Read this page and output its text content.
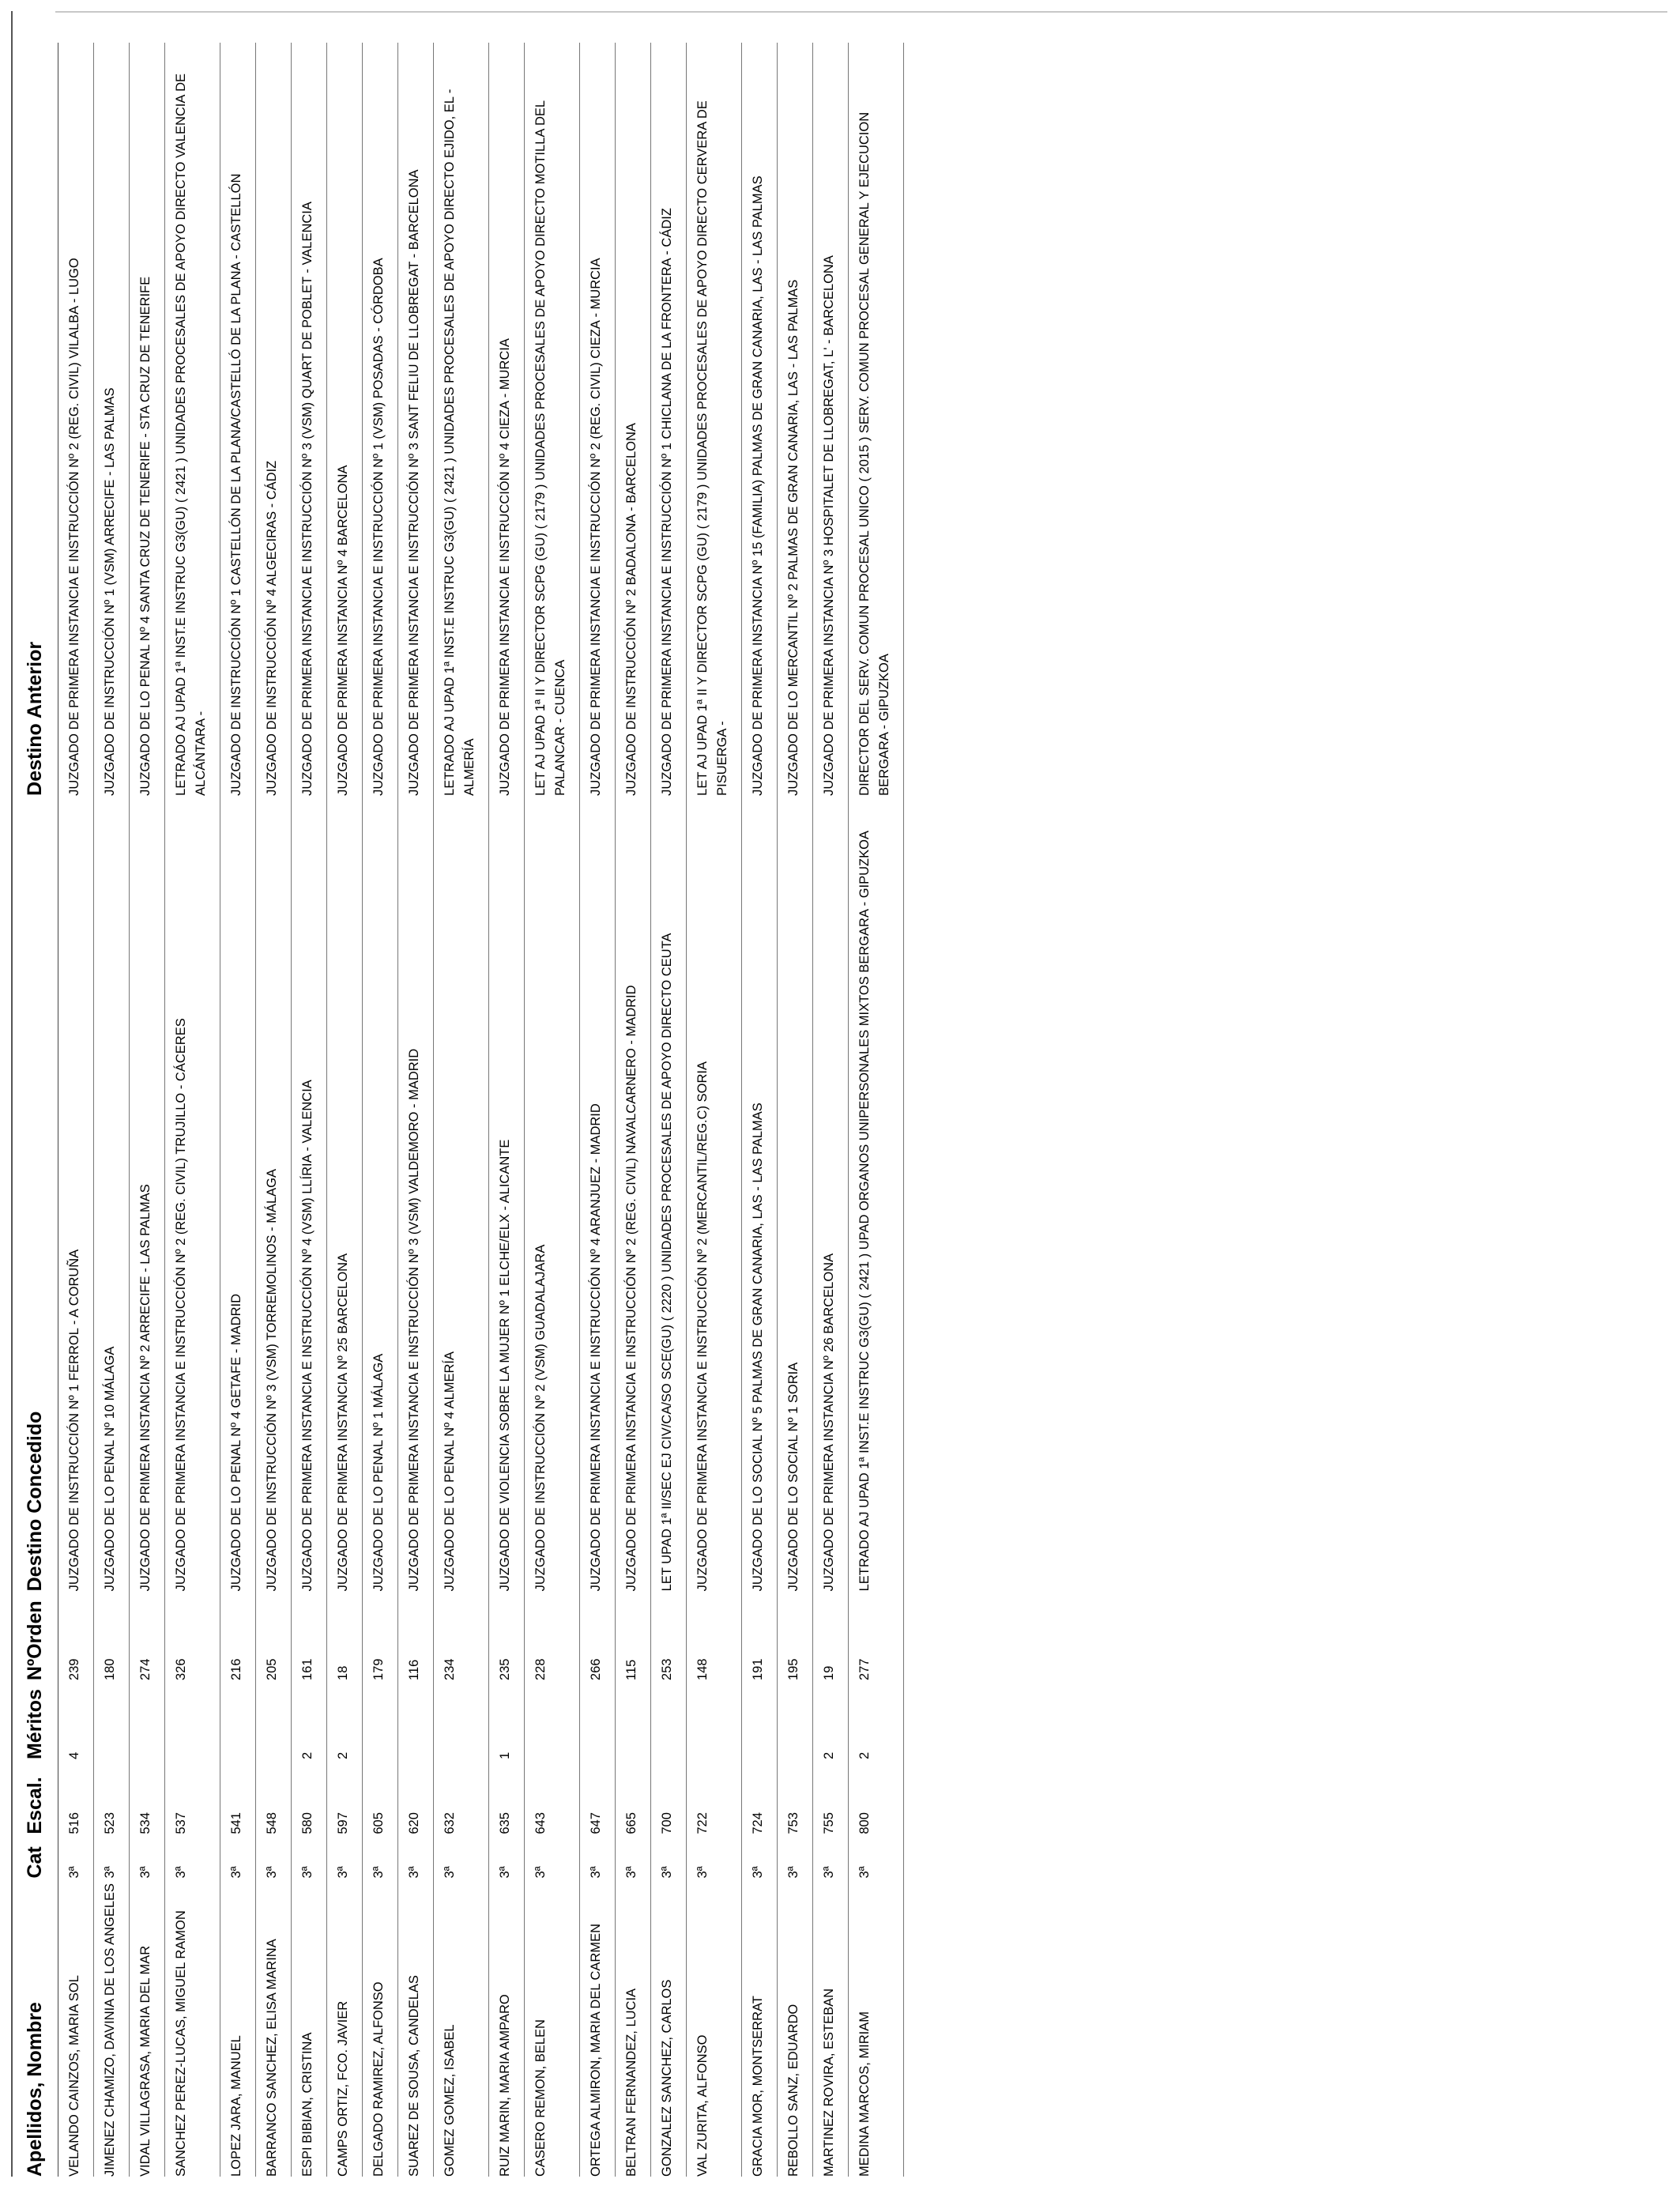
Apellidos, Nombre	Cat	Escal.	Méritos	NºOrden	Destino Concedido	Destino Anterior
VELANDO CAINZOS, MARIA SOL	3ª	516	4	239	JUZGADO DE INSTRUCCIÓN Nº 1 FERROL - A CORUÑA	JUZGADO DE PRIMERA INSTANCIA E INSTRUCCIÓN Nº 2 (REG. CIVIL) VILALBA - LUGO
JIMENEZ CHAMIZO, DAVINIA DE LOS ANGELES	3ª	523		180	JUZGADO DE LO PENAL Nº 10 MÁLAGA	JUZGADO DE INSTRUCCIÓN Nº 1 (VSM) ARRECIFE - LAS PALMAS
VIDAL VILLAGRASA, MARIA DEL MAR	3ª	534		274	JUZGADO DE PRIMERA INSTANCIA Nº 2 ARRECIFE - LAS PALMAS	JUZGADO DE LO PENAL Nº 4 SANTA CRUZ DE TENERIFE - STA CRUZ DE TENERIFE
SANCHEZ PEREZ-LUCAS, MIGUEL RAMON	3ª	537		326	JUZGADO DE PRIMERA INSTANCIA E INSTRUCCIÓN Nº 2 (REG. CIVIL) TRUJILLO - CÁCERES	LETRADO AJ UPAD 1ª INST.E INSTRUC G3(GU) ( 2421 ) UNIDADES PROCESALES DE APOYO DIRECTO VALENCIA DE ALCÁNTARA -
LOPEZ JARA, MANUEL	3ª	541		216	JUZGADO DE LO PENAL Nº 4 GETAFE - MADRID	JUZGADO DE INSTRUCCIÓN Nº 1 CASTELLÓN DE LA PLANA/CASTELLÓ DE LA PLANA - CASTELLÓN
BARRANCO SANCHEZ, ELISA MARINA	3ª	548		205	JUZGADO DE INSTRUCCIÓN Nº 3 (VSM) TORREMOLINOS - MÁLAGA	JUZGADO DE INSTRUCCIÓN Nº 4 ALGECIRAS - CÁDIZ
ESPI BIBIAN, CRISTINA	3ª	580	2	161	JUZGADO DE PRIMERA INSTANCIA E INSTRUCCIÓN Nº 4 (VSM) LLÍRIA - VALENCIA	JUZGADO DE PRIMERA INSTANCIA E INSTRUCCIÓN Nº 3 (VSM) QUART DE POBLET - VALENCIA
CAMPS ORTIZ, FCO. JAVIER	3ª	597	2	18	JUZGADO DE PRIMERA INSTANCIA Nº 25 BARCELONA	JUZGADO DE PRIMERA INSTANCIA Nº 4 BARCELONA
DELGADO RAMIREZ, ALFONSO	3ª	605		179	JUZGADO DE LO PENAL Nº 1 MÁLAGA	JUZGADO DE PRIMERA INSTANCIA E INSTRUCCIÓN Nº 1 (VSM) POSADAS - CÓRDOBA
SUAREZ DE SOUSA, CANDELAS	3ª	620		116	JUZGADO DE PRIMERA INSTANCIA E INSTRUCCIÓN Nº 3 (VSM) VALDEMORO - MADRID	JUZGADO DE PRIMERA INSTANCIA E INSTRUCCIÓN Nº 3 SANT FELIU DE LLOBREGAT - BARCELONA
GOMEZ GOMEZ, ISABEL	3ª	632		234	JUZGADO DE LO PENAL Nº 4 ALMERÍA	LETRADO AJ UPAD 1ª INST.E INSTRUC G3(GU) ( 2421 ) UNIDADES PROCESALES DE APOYO DIRECTO EJIDO, EL - ALMERÍA
RUIZ MARIN, MARIA AMPARO	3ª	635	1	235	JUZGADO DE VIOLENCIA SOBRE LA MUJER Nº 1 ELCHE/ELX - ALICANTE	JUZGADO DE PRIMERA INSTANCIA E INSTRUCCIÓN Nº 4 CIEZA - MURCIA
CASERO REMON, BELEN	3ª	643		228	JUZGADO DE INSTRUCCIÓN Nº 2 (VSM) GUADALAJARA	LET AJ UPAD 1ª II Y DIRECTOR SCPG (GU) ( 2179 ) UNIDADES PROCESALES DE APOYO DIRECTO MOTILLA DEL PALANCAR - CUENCA
ORTEGA ALMIRON, MARIA DEL CARMEN	3ª	647		266	JUZGADO DE PRIMERA INSTANCIA E INSTRUCCIÓN Nº 4 ARANJUEZ - MADRID	JUZGADO DE PRIMERA INSTANCIA E INSTRUCCIÓN Nº 2 (REG. CIVIL) CIEZA - MURCIA
BELTRAN FERNANDEZ, LUCIA	3ª	665		115	JUZGADO DE PRIMERA INSTANCIA E INSTRUCCIÓN Nº 2 (REG. CIVIL) NAVALCARNERO - MADRID	JUZGADO DE INSTRUCCIÓN Nº 2 BADALONA - BARCELONA
GONZALEZ SANCHEZ, CARLOS	3ª	700		253	LET UPAD 1ª II/SEC EJ CIV/CA/SO SCE(GU) ( 2220 ) UNIDADES PROCESALES DE APOYO DIRECTO CEUTA	JUZGADO DE PRIMERA INSTANCIA E INSTRUCCIÓN Nº 1 CHICLANA DE LA FRONTERA - CÁDIZ
VAL ZURITA, ALFONSO	3ª	722		148	JUZGADO DE PRIMERA INSTANCIA E INSTRUCCIÓN Nº 2 (MERCANTIL/REG.C) SORIA	LET AJ UPAD 1ª II Y DIRECTOR SCPG (GU) ( 2179 ) UNIDADES PROCESALES DE APOYO DIRECTO CERVERA DE PISUERGA -
GRACIA MOR, MONTSERRAT	3ª	724		191	JUZGADO DE LO SOCIAL Nº 5 PALMAS DE GRAN CANARIA, LAS - LAS PALMAS	JUZGADO DE PRIMERA INSTANCIA Nº 15 (FAMILIA) PALMAS DE GRAN CANARIA, LAS - LAS PALMAS
REBOLLO SANZ, EDUARDO	3ª	753		195	JUZGADO DE LO SOCIAL Nº 1 SORIA	JUZGADO DE LO MERCANTIL Nº 2 PALMAS DE GRAN CANARIA, LAS - LAS PALMAS
MARTINEZ ROVIRA, ESTEBAN	3ª	755	2	19	JUZGADO DE PRIMERA INSTANCIA Nº 26 BARCELONA	JUZGADO DE PRIMERA INSTANCIA Nº 3 HOSPITALET DE LLOBREGAT, L' - BARCELONA
MEDINA MARCOS, MIRIAM	3ª	800	2	277	LETRADO AJ UPAD 1ª INST.E INSTRUC G3(GU) ( 2421 ) UPAD ORGANOS UNIPERSONALES MIXTOS BERGARA - GIPUZKOA	DIRECTOR DEL SERV. COMUN PROCESAL UNICO ( 2015 ) SERV. COMUN PROCESAL GENERAL Y EJECUCION BERGARA - GIPUZKOA
